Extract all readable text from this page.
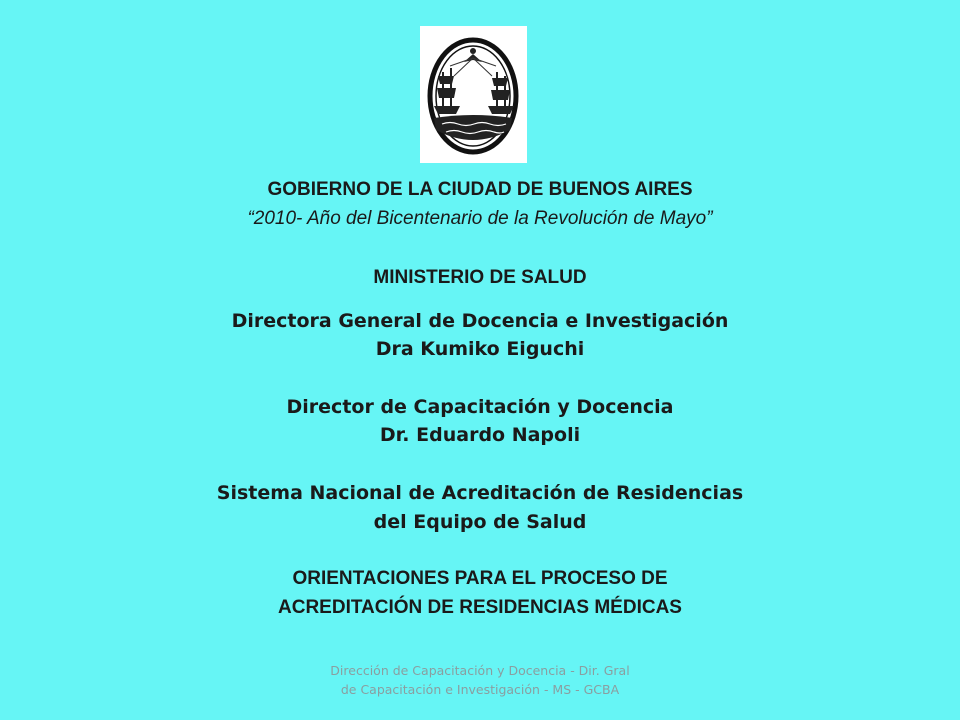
GOBIERNO DE LA CIUDAD DE BUENOS AIRES
“2010- Año del Bicentenario de la Revolución de Mayo”
MINISTERIO DE SALUD
Directora General de Docencia e Investigación
Dra Kumiko Eiguchi
Director de Capacitación y Docencia
Dr. Eduardo Napoli
Sistema Nacional de Acreditación de Residencias
del Equipo de Salud
ORIENTACIONES PARA EL PROCESO DE
ACREDITACIÓN DE RESIDENCIAS MÉDICAS
Dirección de Capacitación y Docencia - Dir. Gral de Capacitación e Investigación - MS - GCBA
